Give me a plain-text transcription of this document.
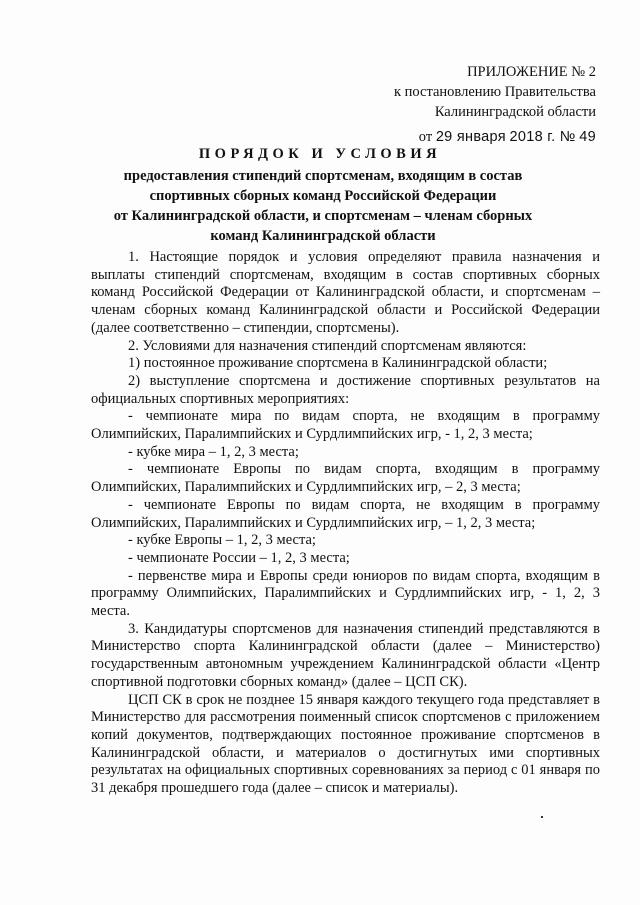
ПРИЛОЖЕНИЕ № 2
к постановлению Правительства
Калининградской области
от 29 января 2018 г. № 49
ПОРЯДОК И УСЛОВИЯ
предоставления стипендий спортсменам, входящим в состав
спортивных сборных команд Российской Федерации
от Калининградской области, и спортсменам – членам сборных
команд Калининградской области

1. Настоящие порядок и условия определяют правила назначения и выплаты стипендий спортсменам, входящим в состав спортивных сборных команд Российской Федерации от Калининградской области, и спортсменам – членам сборных команд Калининградской области и Российской Федерации (далее соответственно – стипендии, спортсмены).

2. Условиями для назначения стипендий спортсменам являются:

1) постоянное проживание спортсмена в Калининградской области;

2) выступление спортсмена и достижение спортивных результатов на официальных спортивных мероприятиях:

- чемпионате мира по видам спорта, не входящим в программу Олимпийских, Паралимпийских и Сурдлимпийских игр, - 1, 2, 3 места;

- кубке мира – 1, 2, 3 места;

- чемпионате Европы по видам спорта, входящим в программу Олимпийских, Паралимпийских и Сурдлимпийских игр, – 2, 3 места;

- чемпионате Европы по видам спорта, не входящим в программу Олимпийских, Паралимпийских и Сурдлимпийских игр, – 1, 2, 3 места;

- кубке Европы – 1, 2, 3 места;

- чемпионате России – 1, 2, 3 места;

- первенстве мира и Европы среди юниоров по видам спорта, входящим в программу Олимпийских, Паралимпийских и Сурдлимпийских игр, - 1, 2, 3 места.

3. Кандидатуры спортсменов для назначения стипендий представляются в Министерство спорта Калининградской области (далее – Министерство) государственным автономным учреждением Калининградской области «Центр спортивной подготовки сборных команд» (далее – ЦСП СК).

ЦСП СК в срок не позднее 15 января каждого текущего года представляет в Министерство для рассмотрения поименный список спортсменов с приложением копий документов, подтверждающих постоянное проживание спортсменов в Калининградской области, и материалов о достигнутых ими спортивных результатах на официальных спортивных соревнованиях за период с 01 января по 31 декабря прошедшего года (далее – список и материалы).
